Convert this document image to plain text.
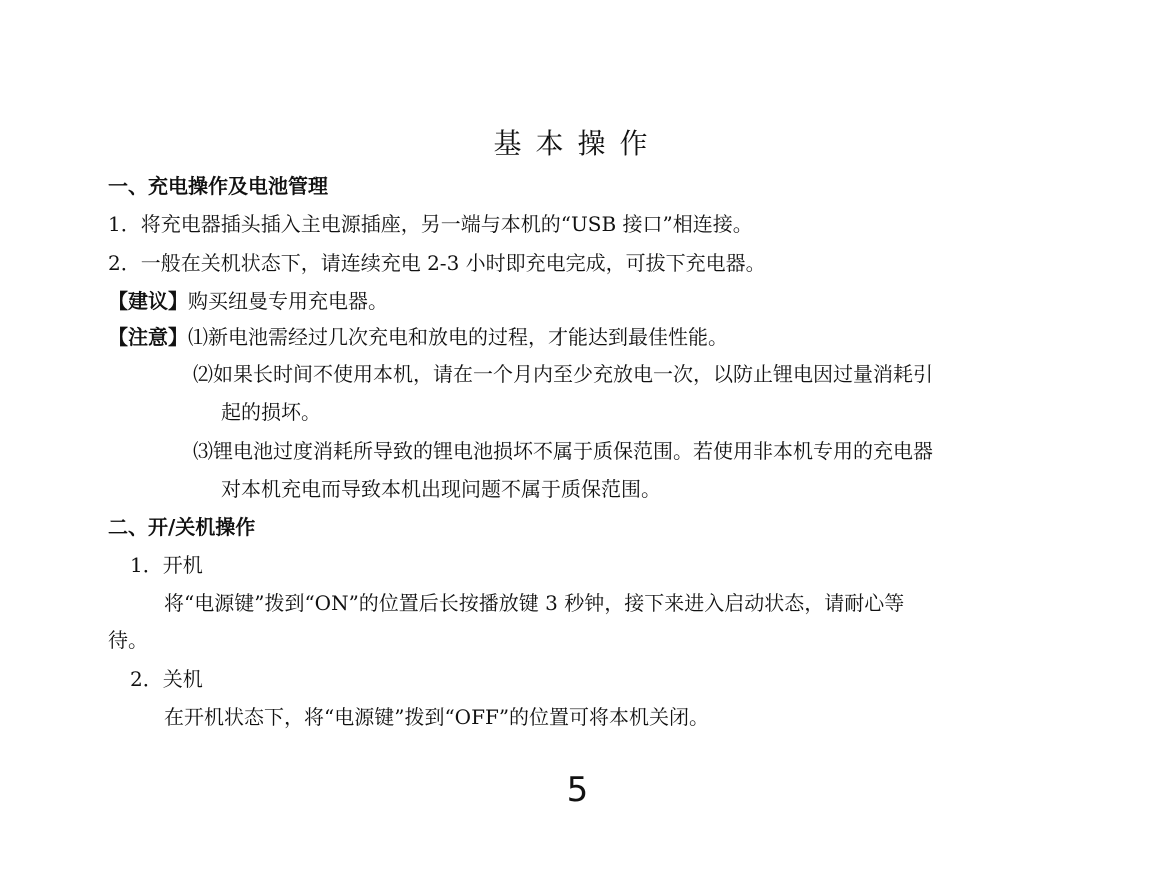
基本操作
一、充电操作及电池管理
1．将充电器插头插入主电源插座，另一端与本机的“USB 接口”相连接。
2．一般在关机状态下，请连续充电 2-3 小时即充电完成，可拔下充电器。
【建议】购买纽曼专用充电器。
【注意】⑴新电池需经过几次充电和放电的过程，才能达到最佳性能。
⑵如果长时间不使用本机，请在一个月内至少充放电一次，以防止锂电因过量消耗引
起的损坏。
⑶锂电池过度消耗所导致的锂电池损坏不属于质保范围。若使用非本机专用的充电器
对本机充电而导致本机出现问题不属于质保范围。
二、开/关机操作
1．开机
将“电源键”拨到“ON”的位置后长按播放键 3 秒钟，接下来进入启动状态，请耐心等
待。
2．关机
在开机状态下，将“电源键”拨到“OFF”的位置可将本机关闭。
5
